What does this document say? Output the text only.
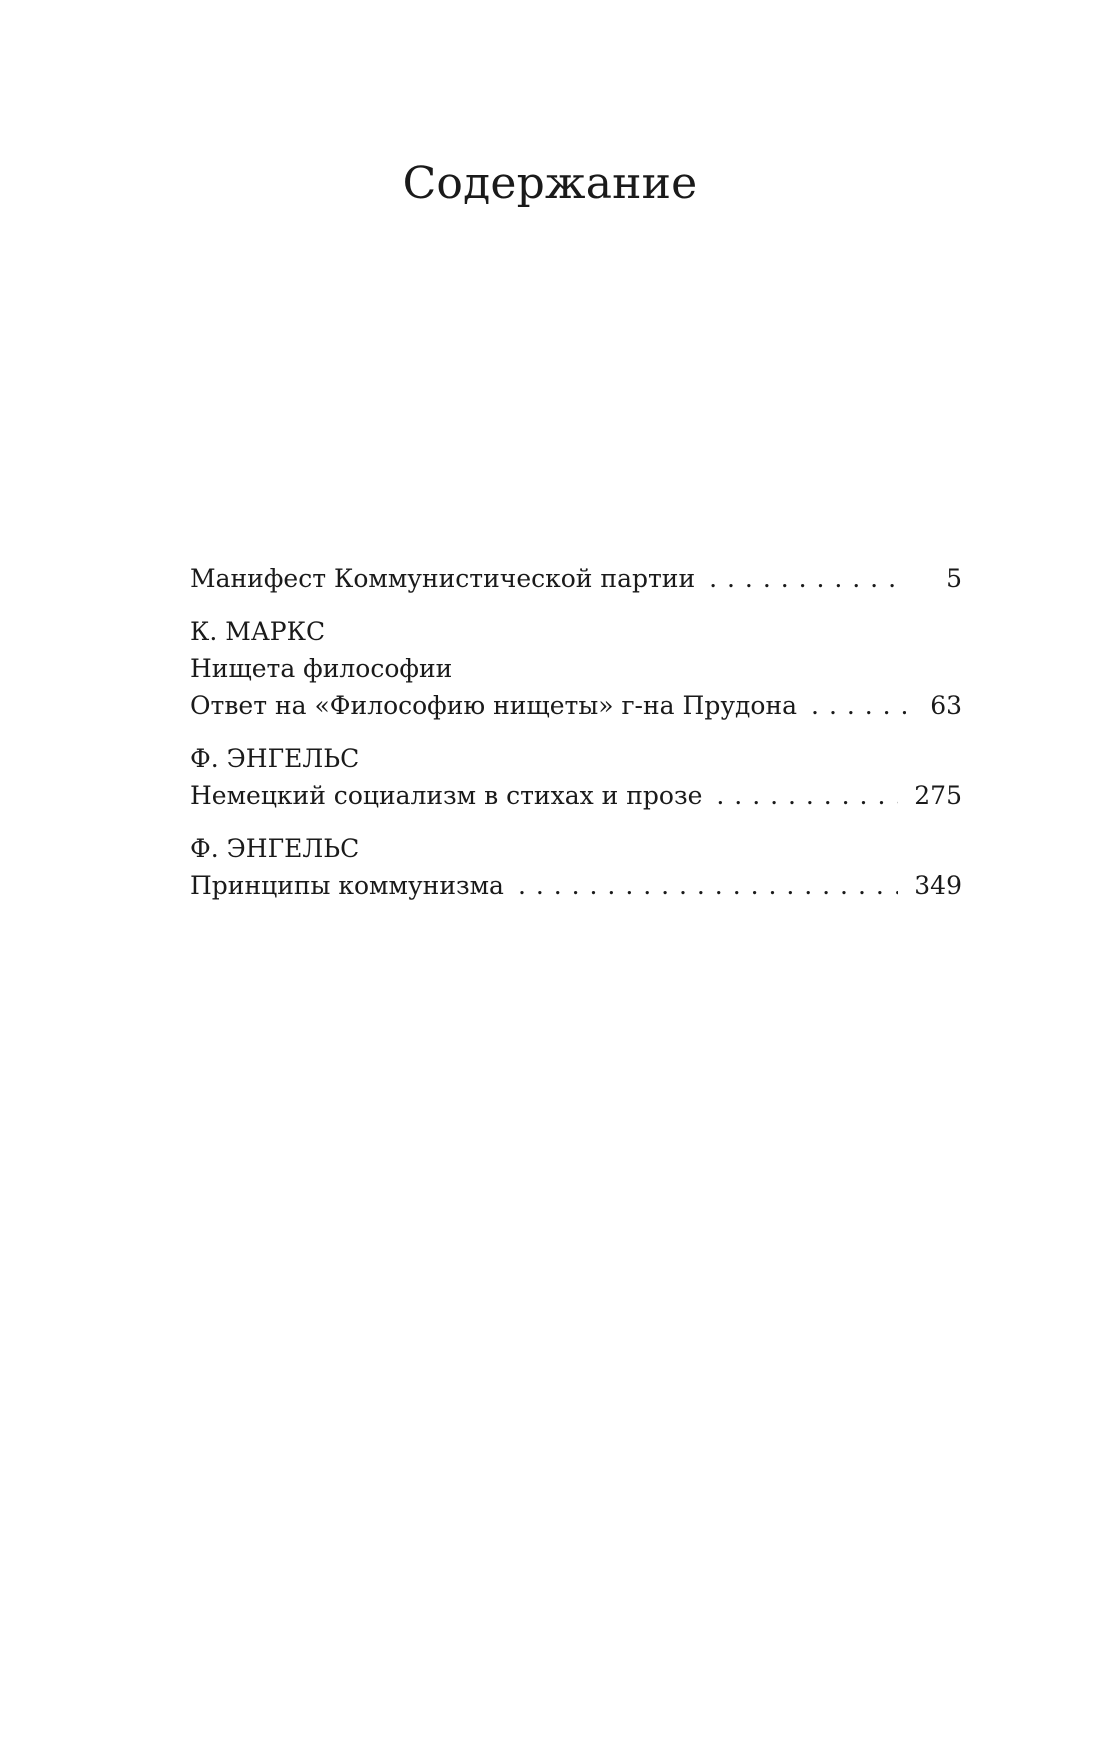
Содержание
Манифест Коммунистической партии . . .	5
К. МАРКС
Нищета философии
Ответ на «Философию нищеты» г-на Прудона . . .	63
Ф. ЭНГЕЛЬС
Немецкий социализм в стихах и прозе . . .	275
Ф. ЭНГЕЛЬС
Принципы коммунизма . . .	349
